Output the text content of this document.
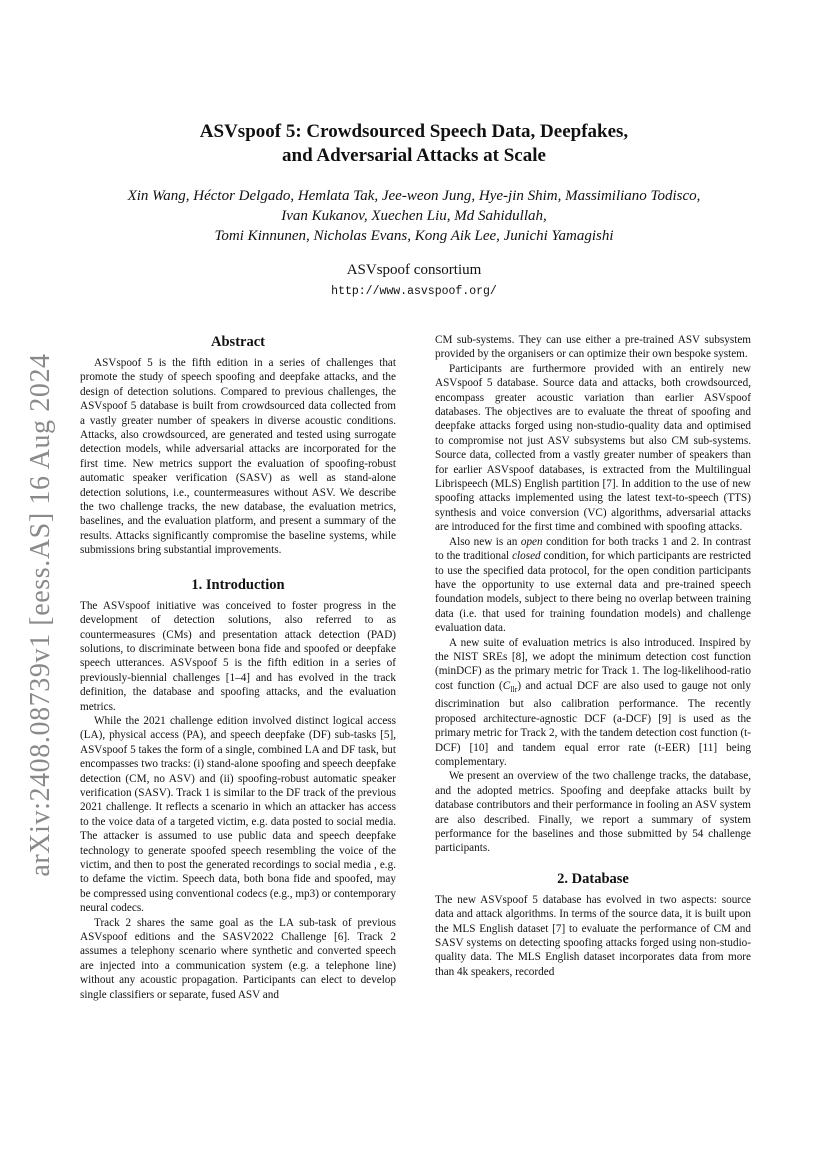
arXiv:2408.08739v1 [eess.AS] 16 Aug 2024
ASVspoof 5: Crowdsourced Speech Data, Deepfakes,
and Adversarial Attacks at Scale
Xin Wang, Héctor Delgado, Hemlata Tak, Jee-weon Jung, Hye-jin Shim, Massimiliano Todisco,
Ivan Kukanov, Xuechen Liu, Md Sahidullah,
Tomi Kinnunen, Nicholas Evans, Kong Aik Lee, Junichi Yamagishi
ASVspoof consortium
http://www.asvspoof.org/
Abstract

ASVspoof 5 is the fifth edition in a series of challenges that promote the study of speech spoofing and deepfake attacks, and the design of detection solutions. Compared to previous challenges, the ASVspoof 5 database is built from crowdsourced data collected from a vastly greater number of speakers in diverse acoustic conditions. Attacks, also crowdsourced, are generated and tested using surrogate detection models, while adversarial attacks are incorporated for the first time. New metrics support the evaluation of spoofing-robust automatic speaker verification (SASV) as well as stand-alone detection solutions, i.e., countermeasures without ASV. We describe the two challenge tracks, the new database, the evaluation metrics, baselines, and the evaluation platform, and present a summary of the results. Attacks significantly compromise the baseline systems, while submissions bring substantial improvements.

1. Introduction

The ASVspoof initiative was conceived to foster progress in the development of detection solutions, also referred to as countermeasures (CMs) and presentation attack detection (PAD) solutions, to discriminate between bona fide and spoofed or deepfake speech utterances. ASVspoof 5 is the fifth edition in a series of previously-biennial challenges [1–4] and has evolved in the track definition, the database and spoofing attacks, and the evaluation metrics.

While the 2021 challenge edition involved distinct logical access (LA), physical access (PA), and speech deepfake (DF) sub-tasks [5], ASVspoof 5 takes the form of a single, combined LA and DF task, but encompasses two tracks: (i) stand-alone spoofing and speech deepfake detection (CM, no ASV) and (ii) spoofing-robust automatic speaker verification (SASV). Track 1 is similar to the DF track of the previous 2021 challenge. It reflects a scenario in which an attacker has access to the voice data of a targeted victim, e.g. data posted to social media. The attacker is assumed to use public data and speech deepfake technology to generate spoofed speech resembling the voice of the victim, and then to post the generated recordings to social media , e.g. to defame the victim. Speech data, both bona fide and spoofed, may be compressed using conventional codecs (e.g., mp3) or contemporary neural codecs.

Track 2 shares the same goal as the LA sub-task of previous ASVspoof editions and the SASV2022 Challenge [6]. Track 2 assumes a telephony scenario where synthetic and converted speech are injected into a communication system (e.g. a telephone line) without any acoustic propagation. Participants can elect to develop single classifiers or separate, fused ASV and

CM sub-systems. They can use either a pre-trained ASV subsystem provided by the organisers or can optimize their own bespoke system.

Participants are furthermore provided with an entirely new ASVspoof 5 database. Source data and attacks, both crowdsourced, encompass greater acoustic variation than earlier ASVspoof databases. The objectives are to evaluate the threat of spoofing and deepfake attacks forged using non-studio-quality data and optimised to compromise not just ASV subsystems but also CM sub-systems. Source data, collected from a vastly greater number of speakers than for earlier ASVspoof databases, is extracted from the Multilingual Librispeech (MLS) English partition [7]. In addition to the use of new spoofing attacks implemented using the latest text-to-speech (TTS) synthesis and voice conversion (VC) algorithms, adversarial attacks are introduced for the first time and combined with spoofing attacks.

Also new is an open condition for both tracks 1 and 2. In contrast to the traditional closed condition, for which participants are restricted to use the specified data protocol, for the open condition participants have the opportunity to use external data and pre-trained speech foundation models, subject to there being no overlap between training data (i.e. that used for training foundation models) and challenge evaluation data.

A new suite of evaluation metrics is also introduced. Inspired by the NIST SREs [8], we adopt the minimum detection cost function (minDCF) as the primary metric for Track 1. The log-likelihood-ratio cost function $(C_{llr})$ and actual DCF are also used to gauge not only discrimination but also calibration performance. The recently proposed architecture-agnostic DCF (a-DCF) [9] is used as the primary metric for Track 2, with the tandem detection cost function (t-DCF) [10] and tandem equal error rate (t-EER) [11] being complementary.

We present an overview of the two challenge tracks, the database, and the adopted metrics. Spoofing and deepfake attacks built by database contributors and their performance in fooling an ASV system are also described. Finally, we report a summary of system performance for the baselines and those submitted by 54 challenge participants.

2. Database

The new ASVspoof 5 database has evolved in two aspects: source data and attack algorithms. In terms of the source data, it is built upon the MLS English dataset [7] to evaluate the performance of CM and SASV systems on detecting spoofing attacks forged using non-studio-quality data. The MLS English dataset incorporates data from more than 4k speakers, recorded
